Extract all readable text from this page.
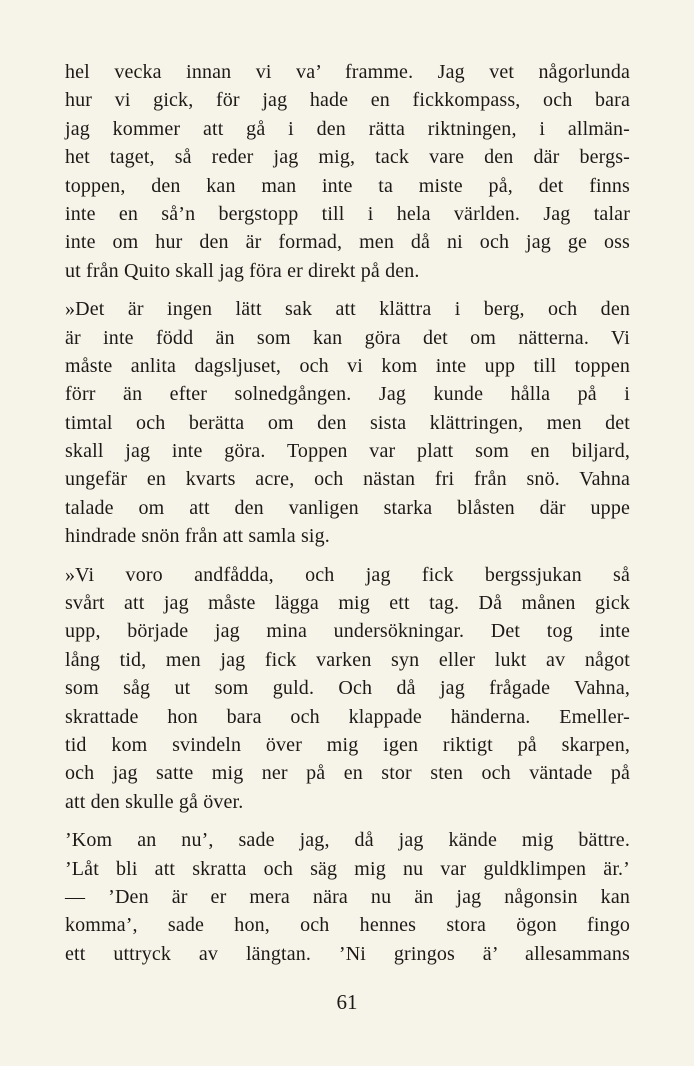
hel vecka innan vi va’ framme. Jag vet någorlunda
hur vi gick, för jag hade en fickkompass, och bara
jag kommer att gå i den rätta riktningen, i allmän-
het taget, så reder jag mig, tack vare den där bergs-
toppen, den kan man inte ta miste på, det finns
inte en så’n bergstopp till i hela världen. Jag talar
inte om hur den är formad, men då ni och jag ge oss
ut från Quito skall jag föra er direkt på den.
»Det är ingen lätt sak att klättra i berg, och den
är inte född än som kan göra det om nätterna. Vi
måste anlita dagsljuset, och vi kom inte upp till toppen
förr än efter solnedgången. Jag kunde hålla på i
timtal och berätta om den sista klättringen, men det
skall jag inte göra. Toppen var platt som en biljard,
ungefär en kvarts acre, och nästan fri från snö. Vahna
talade om att den vanligen starka blåsten där uppe
hindrade snön från att samla sig.
»Vi voro andfådda, och jag fick bergssjukan så
svårt att jag måste lägga mig ett tag. Då månen gick
upp, började jag mina undersökningar. Det tog inte
lång tid, men jag fick varken syn eller lukt av något
som såg ut som guld. Och då jag frågade Vahna,
skrattade hon bara och klappade händerna. Emeller-
tid kom svindeln över mig igen riktigt på skarpen,
och jag satte mig ner på en stor sten och väntade på
att den skulle gå över.
’Kom an nu’, sade jag, då jag kände mig bättre.
’Låt bli att skratta och säg mig nu var guldklimpen är.’
— ’Den är er mera nära nu än jag någonsin kan
komma’, sade hon, och hennes stora ögon fingo
ett uttryck av längtan. ’Ni gringos ä’ allesammans
61
